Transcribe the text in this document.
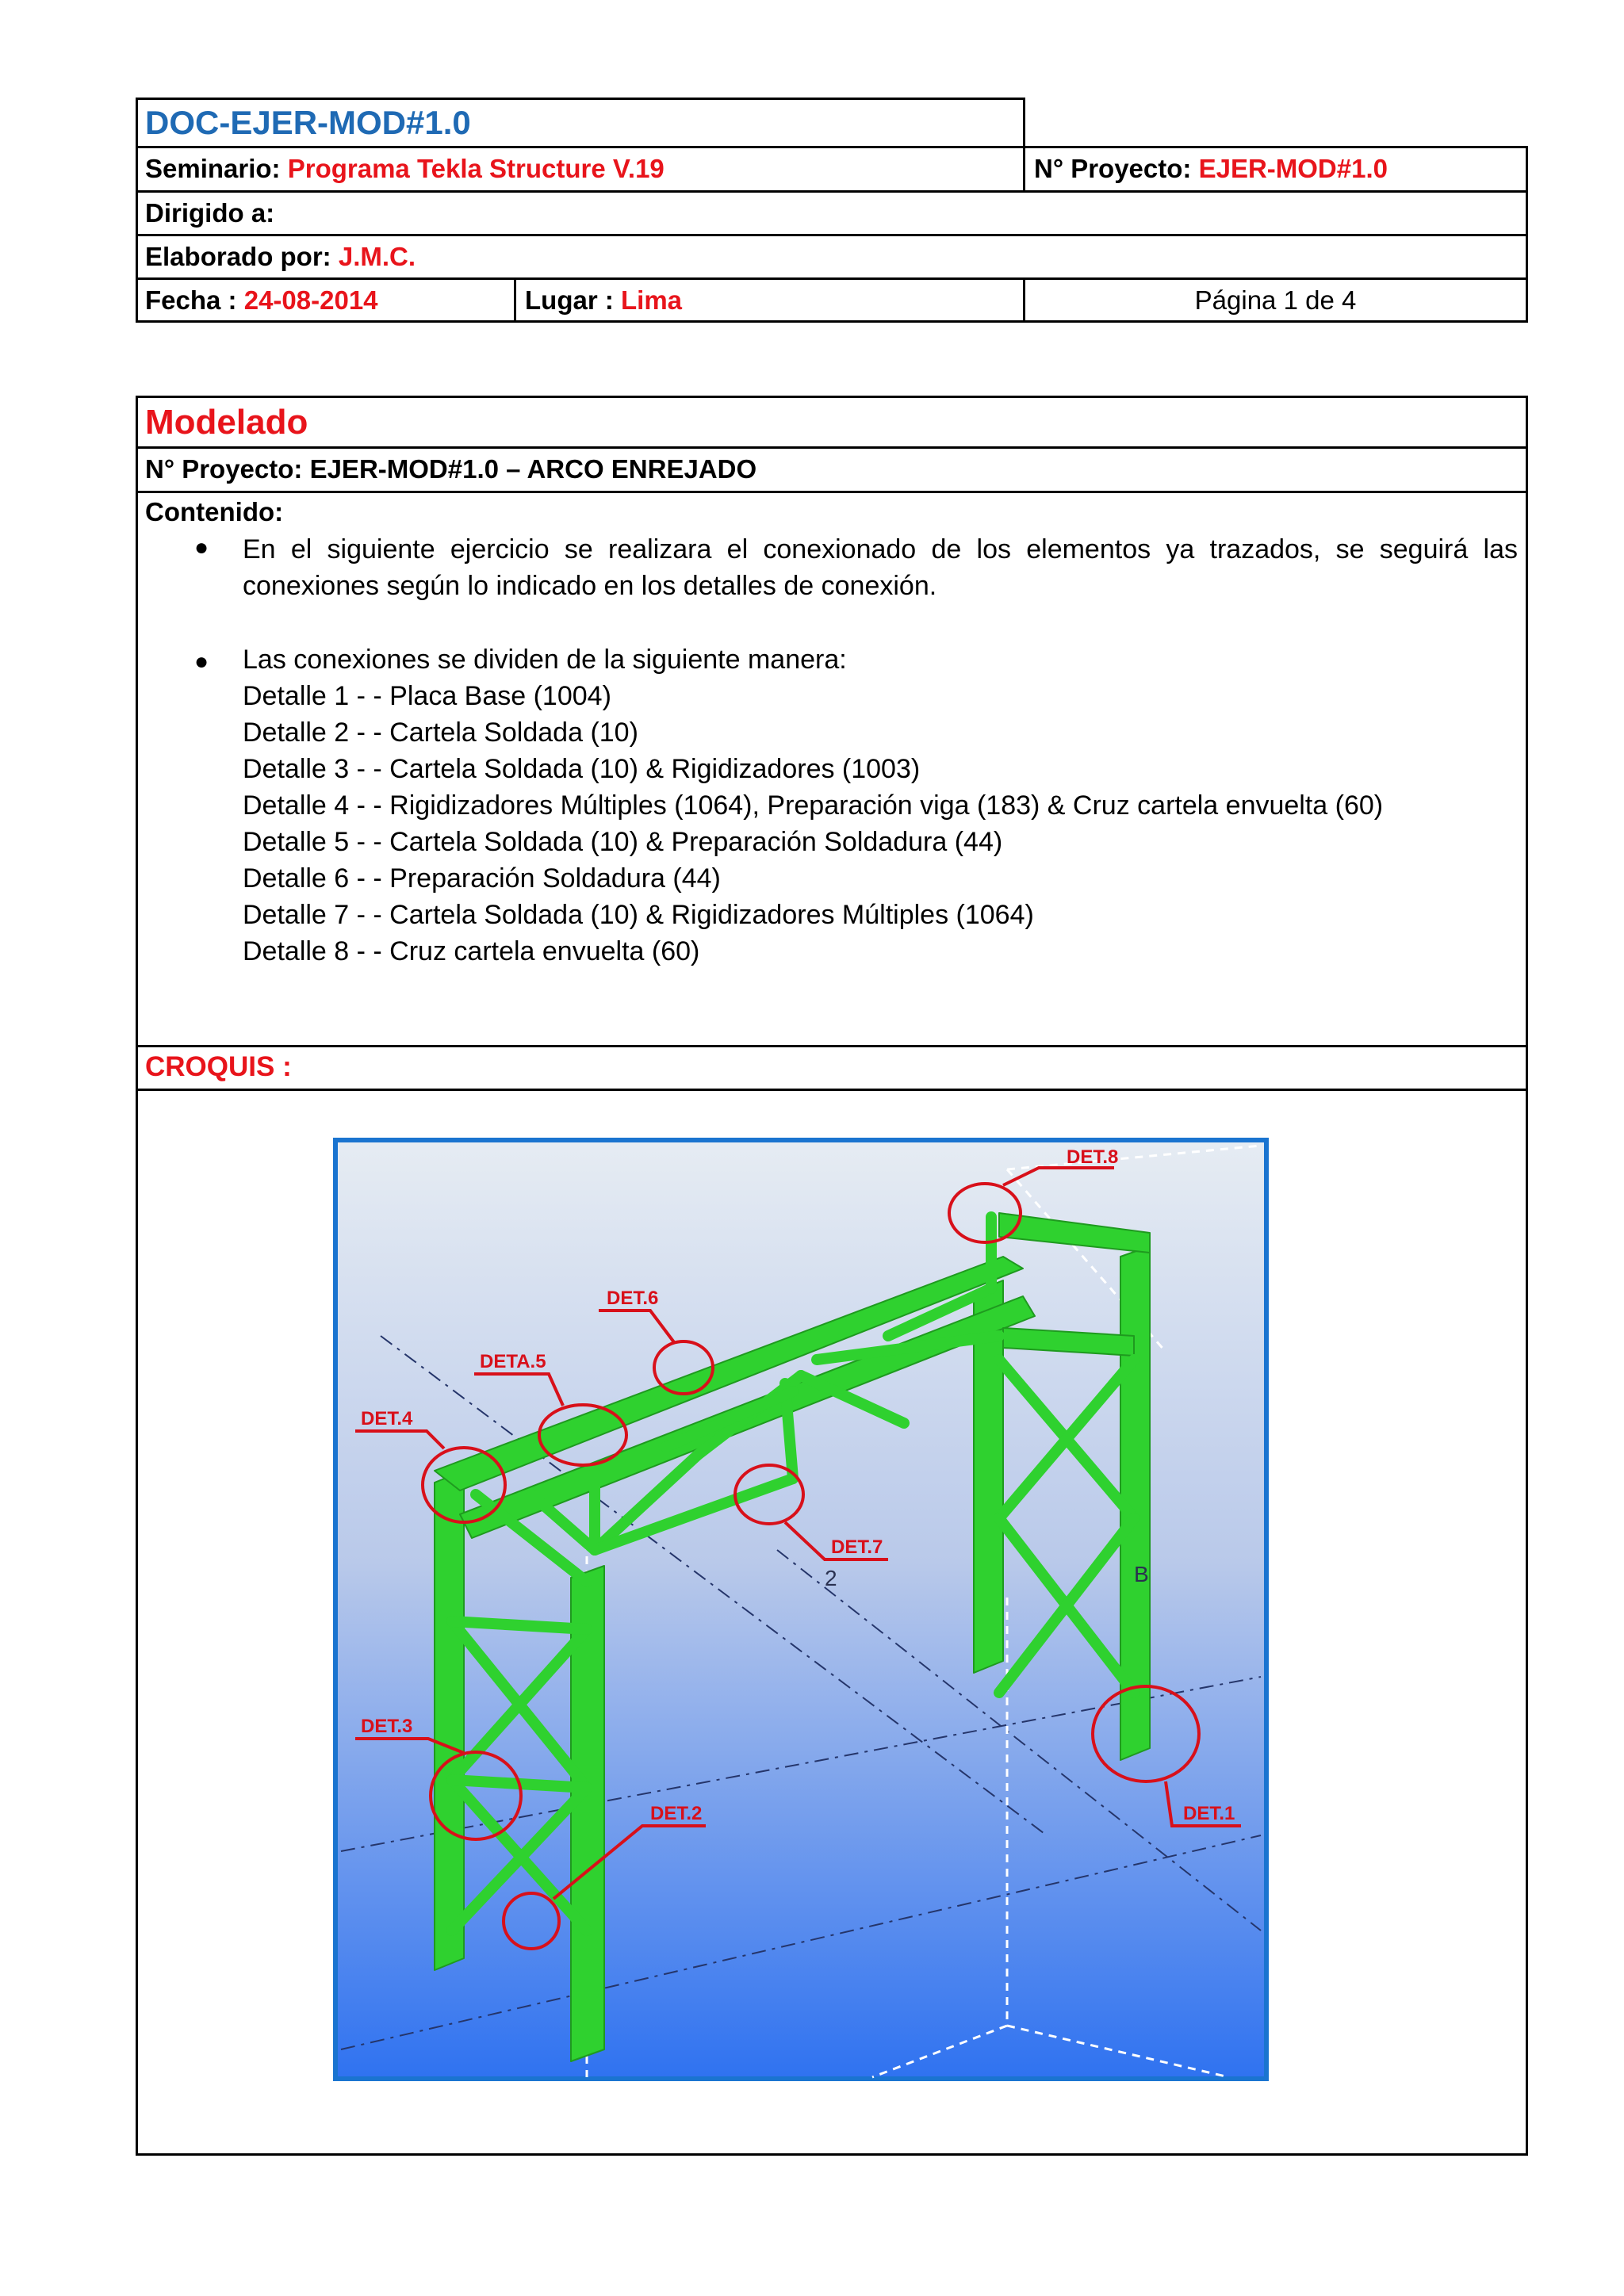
DOC-EJER-MOD#1.0
Seminario: Programa Tekla Structure V.19	N° Proyecto: EJER-MOD#1.0
Dirigido a:
Elaborado por: J.M.C.
Fecha : 24-08-2014	Lugar : Lima	Página 1 de 4
Modelado
N° Proyecto: EJER-MOD#1.0 – ARCO ENREJADO
Contenido:
● En el siguiente ejercicio se realizara el conexionado de los elementos ya trazados, se seguirá las conexiones según lo indicado en los detalles de conexión.
● Las conexiones se dividen de la siguiente manera:
Detalle 1 - - Placa Base (1004)
Detalle 2 - - Cartela Soldada (10)
Detalle 3 - - Cartela Soldada (10) & Rigidizadores (1003)
Detalle 4 - - Rigidizadores Múltiples (1064), Preparación viga (183) & Cruz cartela envuelta (60)
Detalle 5 - - Cartela Soldada (10) & Preparación Soldadura (44)
Detalle 6 - - Preparación Soldadura (44)
Detalle 7 - - Cartela Soldada (10) & Rigidizadores Múltiples (1064)
Detalle 8 - - Cruz cartela envuelta (60)
CROQUIS :
DET.8
DET.6
DETA.5
DET.4
DET.7
DET.3
DET.2	DET.1
2	B
